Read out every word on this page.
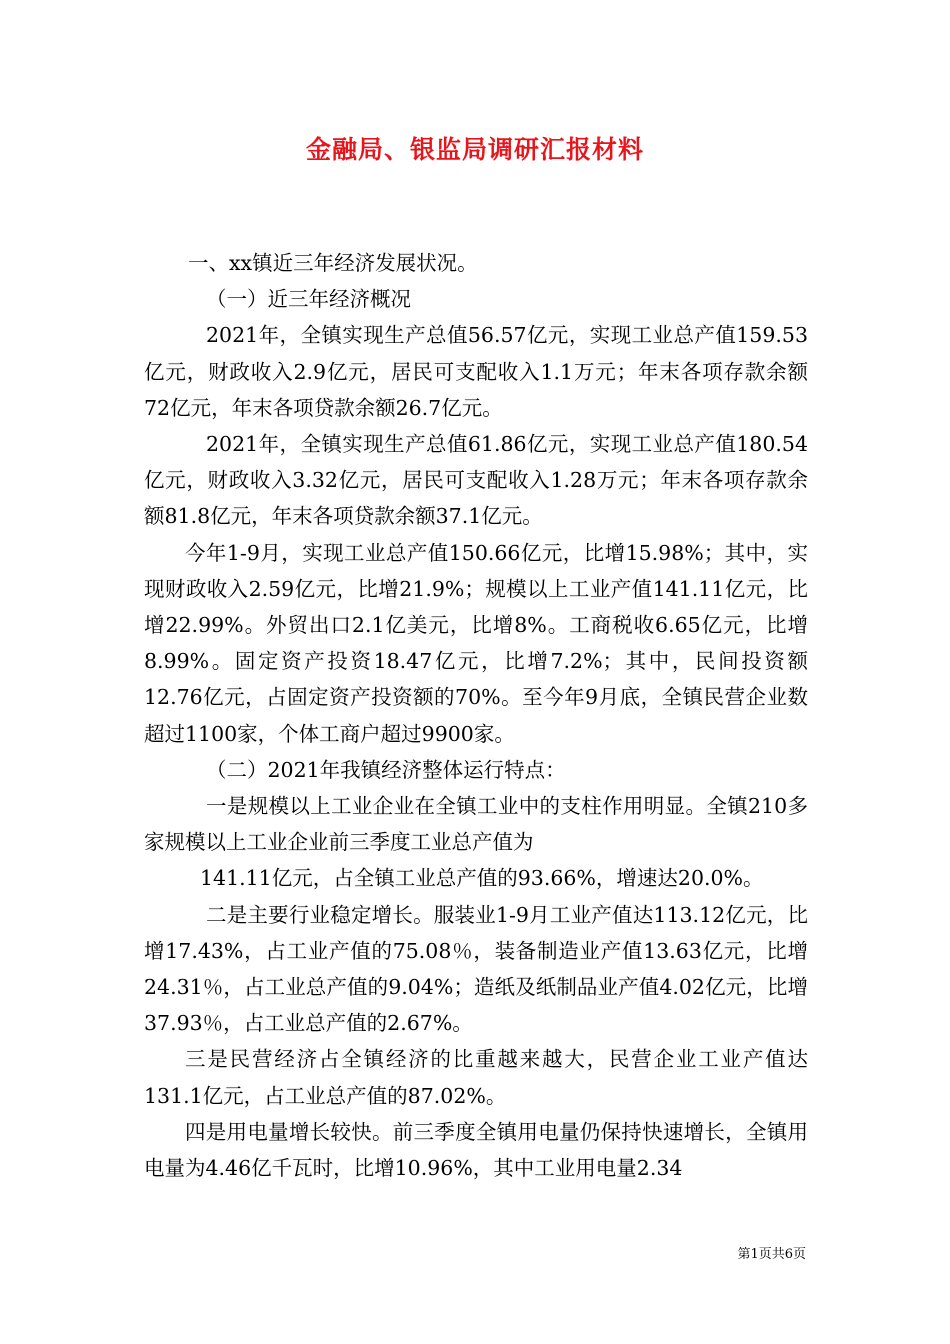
金融局、银监局调研汇报材料

一、xx镇近三年经济发展状况。

（一）近三年经济概况

2021年，全镇实现生产总值56.57亿元，实现工业总产值159.53亿元，财政收入2.9亿元，居民可支配收入1.1万元；年末各项存款余额72亿元，年末各项贷款余额26.7亿元。

2021年，全镇实现生产总值61.86亿元，实现工业总产值180.54亿元，财政收入3.32亿元，居民可支配收入1.28万元；年末各项存款余额81.8亿元，年末各项贷款余额37.1亿元。

今年1-9月，实现工业总产值150.66亿元，比增15.98%；其中，实现财政收入2.59亿元，比增21.9%；规模以上工业产值141.11亿元，比增22.99%。外贸出口2.1亿美元，比增8%。工商税收6.65亿元，比增8.99%。固定资产投资18.47亿元，比增7.2%；其中，民间投资额12.76亿元，占固定资产投资额的70%。至今年9月底，全镇民营企业数超过1100家，个体工商户超过9900家。

（二）2021年我镇经济整体运行特点：

一是规模以上工业企业在全镇工业中的支柱作用明显。全镇210多家规模以上工业企业前三季度工业总产值为

141.11亿元，占全镇工业总产值的93.66%，增速达20.0%。

二是主要行业稳定增长。服装业1-9月工业产值达113.12亿元，比增17.43%，占工业产值的75.08％，装备制造业产值13.63亿元，比增24.31％，占工业总产值的9.04%；造纸及纸制品业产值4.02亿元，比增37.93％，占工业总产值的2.67%。

三是民营经济占全镇经济的比重越来越大，民营企业工业产值达131.1亿元，占工业总产值的87.02%。

四是用电量增长较快。前三季度全镇用电量仍保持快速增长，全镇用电量为4.46亿千瓦时，比增10.96%，其中工业用电量2.34

第1页共6页
